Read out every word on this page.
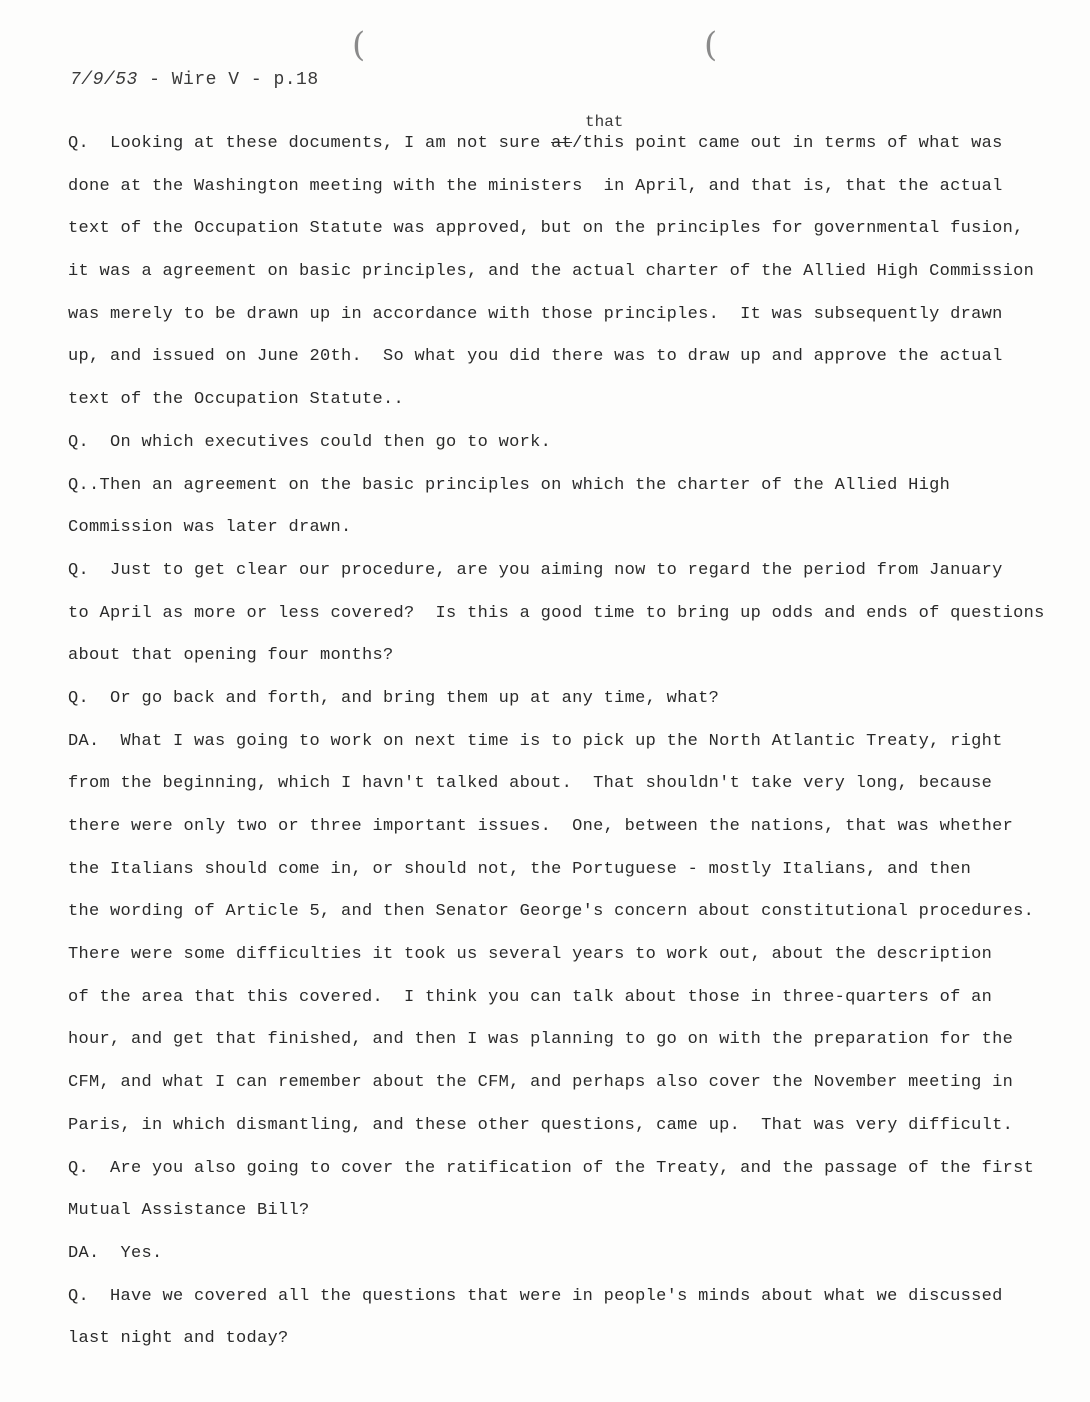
(	(
7/9/53 - Wire V - p.18
that
Q.  Looking at these documents, I am not sure at/this point came out in terms of what was
done at the Washington meeting with the ministers  in April, and that is, that the actual
text of the Occupation Statute was approved, but on the principles for governmental fusion,
it was a agreement on basic principles, and the actual charter of the Allied High Commission
was merely to be drawn up in accordance with those principles.  It was subsequently drawn
up, and issued on June 20th.  So what you did there was to draw up and approve the actual
text of the Occupation Statute..
Q.  On which executives could then go to work.
Q..Then an agreement on the basic principles on which the charter of the Allied High
Commission was later drawn.
Q.  Just to get clear our procedure, are you aiming now to regard the period from January
to April as more or less covered?  Is this a good time to bring up odds and ends of questions
about that opening four months?
Q.  Or go back and forth, and bring them up at any time, what?
DA.  What I was going to work on next time is to pick up the North Atlantic Treaty, right
from the beginning, which I havn't talked about.  That shouldn't take very long, because
there were only two or three important issues.  One, between the nations, that was whether
the Italians should come in, or should not, the Portuguese - mostly Italians, and then
the wording of Article 5, and then Senator George's concern about constitutional procedures.
There were some difficulties it took us several years to work out, about the description
of the area that this covered.  I think you can talk about those in three-quarters of an
hour, and get that finished, and then I was planning to go on with the preparation for the
CFM, and what I can remember about the CFM, and perhaps also cover the November meeting in
Paris, in which dismantling, and these other questions, came up.  That was very difficult.
Q.  Are you also going to cover the ratification of the Treaty, and the passage of the first
Mutual Assistance Bill?
DA.  Yes.
Q.  Have we covered all the questions that were in people's minds about what we discussed
last night and today?
